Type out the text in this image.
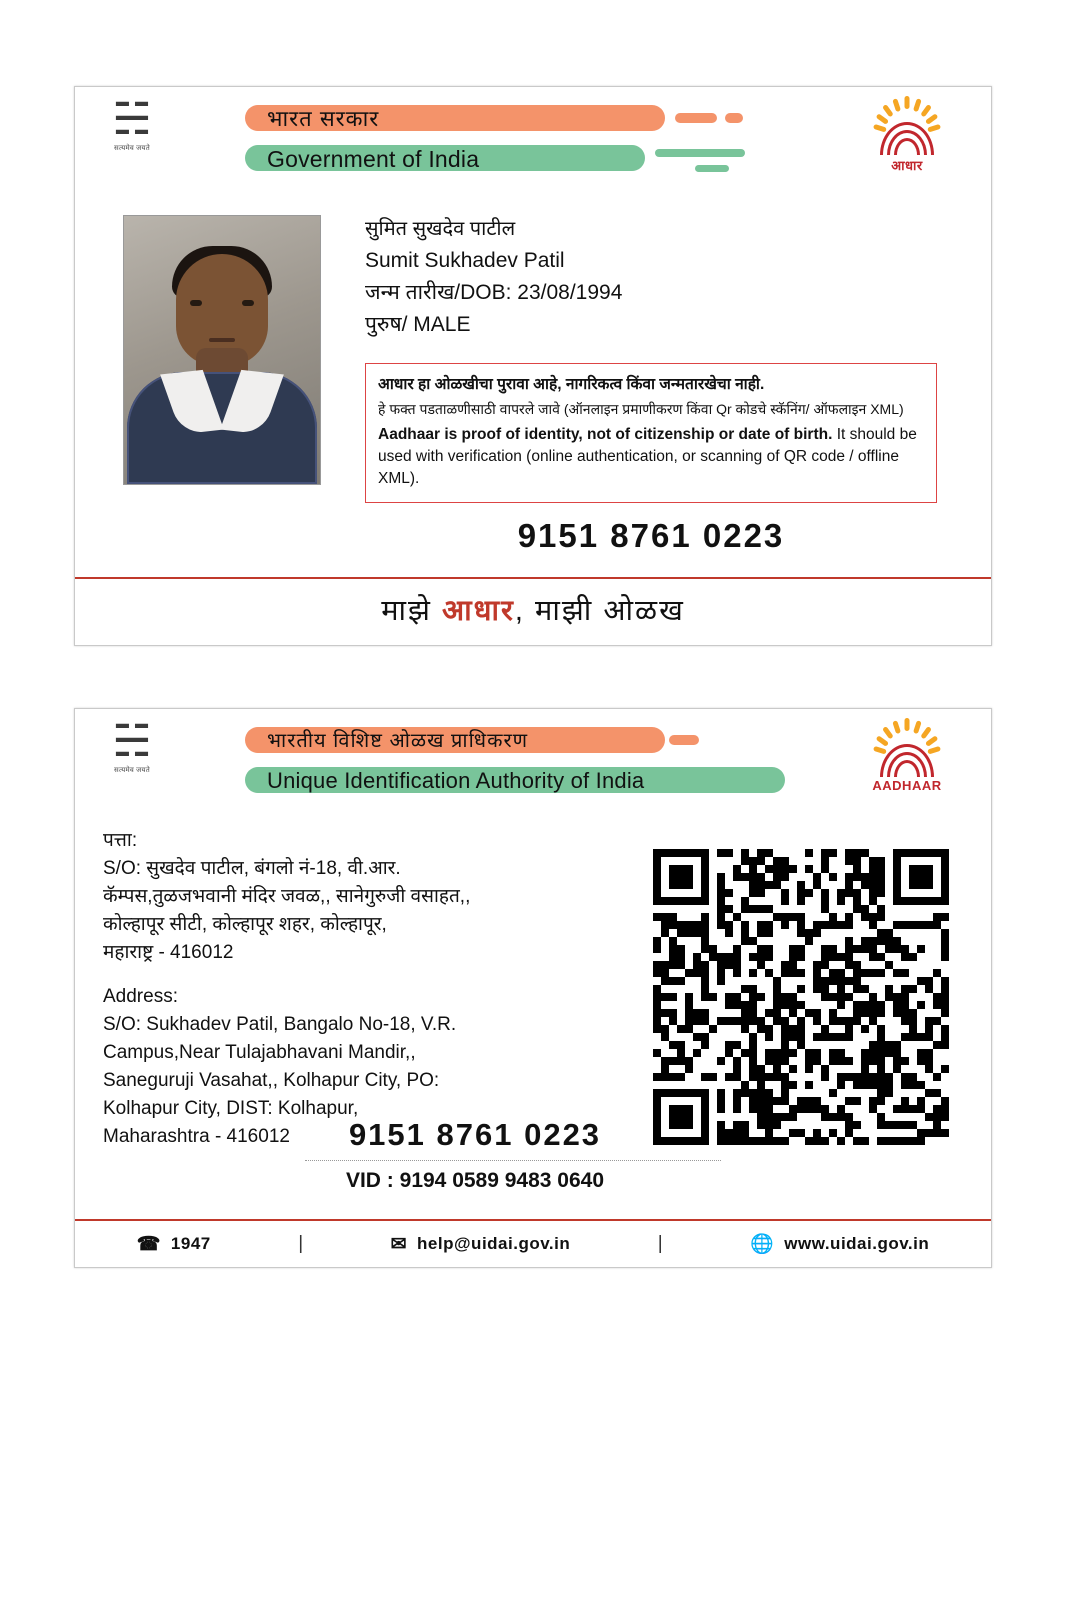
☵
सत्यमेव जयते
भारत सरकार
Government of India	आधार
सुमित सुखदेव पाटील
Sumit Sukhadev Patil
जन्म तारीख/DOB: 23/08/1994
पुरुष/ MALE
आधार हा ओळखीचा पुरावा आहे, नागरिकत्व किंवा जन्मतारखेचा नाही.
हे फक्त पडताळणीसाठी वापरले जावे (ऑनलाइन प्रमाणीकरण किंवा Qr कोडचे स्कॅनिंग/ ऑफलाइन XML)
Aadhaar is proof of identity, not of citizenship or date of birth. It should be used with verification (online authentication, or scanning of QR code / offline XML).
9151 8761 0223
माझे आधार, माझी ओळख
☵
सत्यमेव जयते
भारतीय विशिष्ट ओळख प्राधिकरण
Unique Identification Authority of India	AADHAAR
पत्ता:
S/O: सुखदेव पाटील, बंगलो नं-18, वी.आर.
कॅम्पस,तुळजभवानी मंदिर जवळ,, सानेगुरुजी वसाहत,,
कोल्हापूर सीटी, कोल्हापूर शहर, कोल्हापूर,
महाराष्ट्र - 416012
Address:
S/O: Sukhadev Patil, Bangalo No-18, V.R.
Campus,Near Tulajabhavani Mandir,,
Saneguruji Vasahat,, Kolhapur City, PO:
Kolhapur City, DIST: Kolhapur,
Maharashtra - 416012	9151 8761 0223
VID : 9194 0589 9483 0640
☎ 1947	|	✉ help@uidai.gov.in	|	🌐 www.uidai.gov.in
